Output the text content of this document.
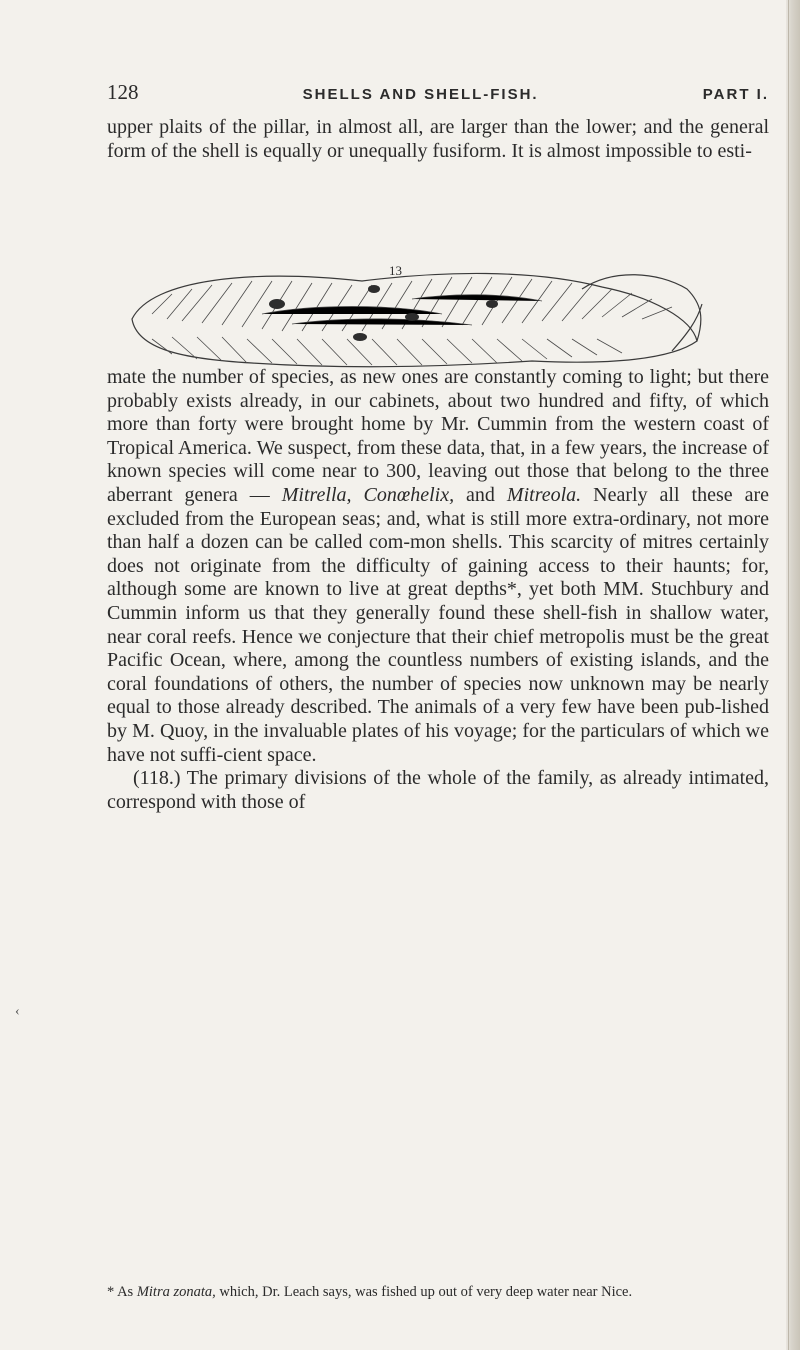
128	SHELLS AND SHELL-FISH.	PART I.

upper plaits of the pillar, in almost all, are larger than the lower; and the general form of the shell is equally or unequally fusiform. It is almost impossible to esti-

13

mate the number of species, as new ones are constantly coming to light; but there probably exists already, in our cabinets, about two hundred and fifty, of which more than forty were brought home by Mr. Cummin from the western coast of Tropical America. We suspect, from these data, that, in a few years, the increase of known species will come near to 300, leaving out those that belong to the three aberrant genera — Mitrella, Conœhelix, and Mitreola. Nearly all these are excluded from the European seas; and, what is still more extra-ordinary, not more than half a dozen can be called com-mon shells. This scarcity of mitres certainly does not originate from the difficulty of gaining access to their haunts; for, although some are known to live at great depths*, yet both MM. Stuchbury and Cummin inform us that they generally found these shell-fish in shallow water, near coral reefs. Hence we conjecture that their chief metropolis must be the great Pacific Ocean, where, among the countless numbers of existing islands, and the coral foundations of others, the number of species now unknown may be nearly equal to those already described. The animals of a very few have been pub-lished by M. Quoy, in the invaluable plates of his voyage; for the particulars of which we have not suffi-cient space.

(118.) The primary divisions of the whole of the family, as already intimated, correspond with those of

‹

* As Mitra zonata, which, Dr. Leach says, was fished up out of very deep water near Nice.
